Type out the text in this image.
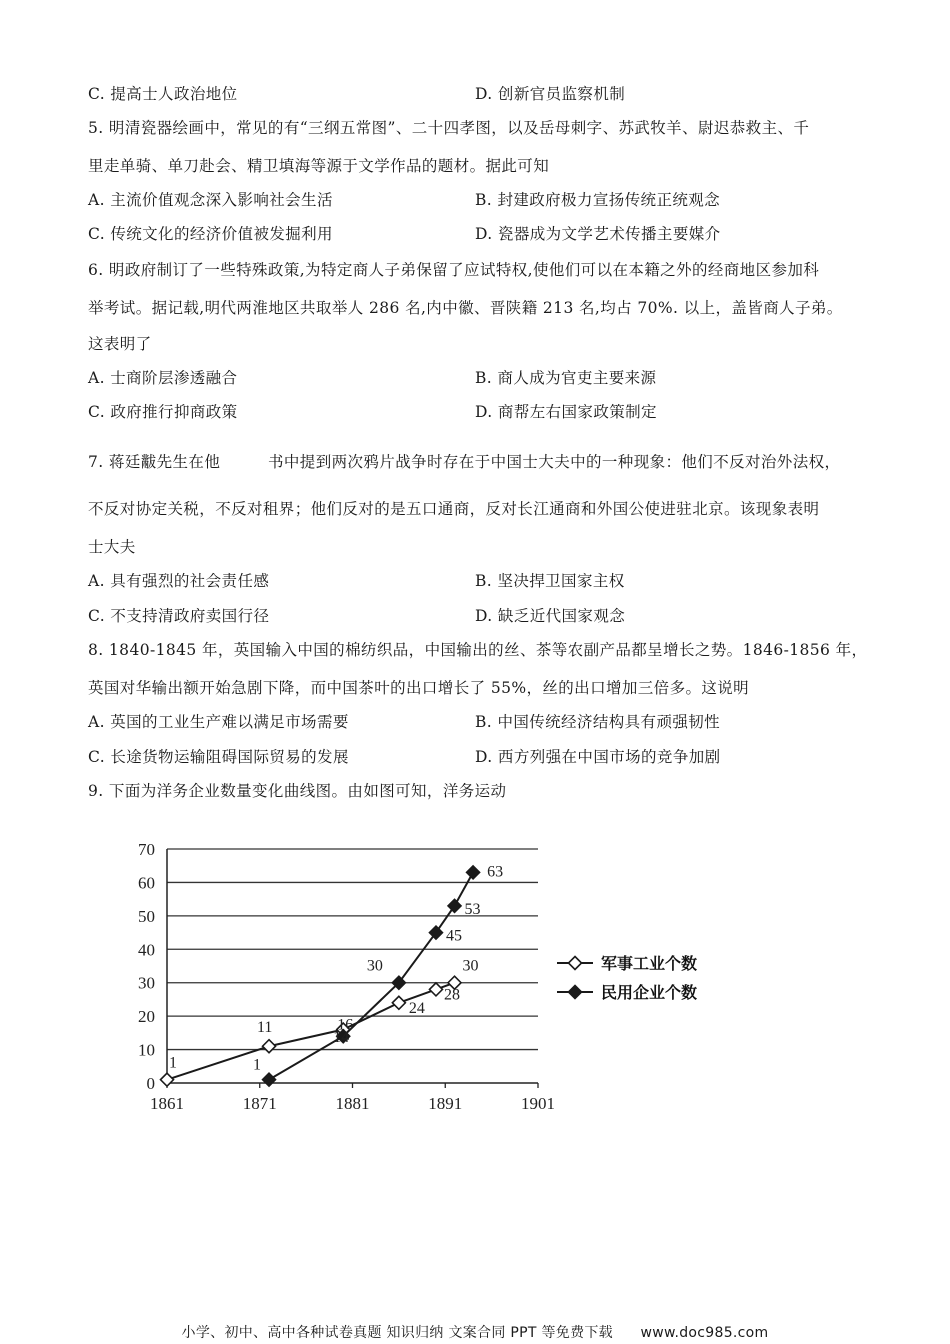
C. 提高士人政治地位	D. 创新官员监察机制
5. 明清瓷器绘画中，常见的有“三纲五常图”、二十四孝图，以及岳母刺字、苏武牧羊、尉迟恭救主、千
里走单骑、单刀赴会、精卫填海等源于文学作品的题材。据此可知
A. 主流价值观念深入影响社会生活	B. 封建政府极力宣扬传统正统观念
C. 传统文化的经济价值被发掘利用	D. 瓷器成为文学艺术传播主要媒介
6. 明政府制订了一些特殊政策,为特定商人子弟保留了应试特权,使他们可以在本籍之外的经商地区参加科
举考试。据记载,明代两淮地区共取举人 286 名,内中徽、晋陕籍 213 名,均占 70%. 以上，盖皆商人子弟。
这表明了
A. 士商阶层渗透融合	B. 商人成为官吏主要来源
C. 政府推行抑商政策	D. 商帮左右国家政策制定
7. 蒋廷黻先生在他	书中提到两次鸦片战争时存在于中国士大夫中的一种现象：他们不反对治外法权，
不反对协定关税，不反对租界；他们反对的是五口通商，反对长江通商和外国公使进驻北京。该现象表明
士大夫
A. 具有强烈的社会责任感	B. 坚决捍卫国家主权
C. 不支持清政府卖国行径	D. 缺乏近代国家观念
8. 1840-1845 年，英国输入中国的棉纺织品，中国输出的丝、茶等农副产品都呈增长之势。1846-1856 年，
英国对华输出额开始急剧下降，而中国茶叶的出口增长了 55%，丝的出口增加三倍多。这说明
A. 英国的工业生产难以满足市场需要	B. 中国传统经济结构具有顽强韧性
C. 长途货物运输阻碍国际贸易的发展	D. 西方列强在中国市场的竞争加剧
9. 下面为洋务企业数量变化曲线图。由如图可知，洋务运动
0
10
20
30
40
50
60
70
1861	1871	1881	1891	1901
1
11	16
24
28
30
1
14
30
45
53
63
军事工业个数
民用企业个数
小学、初中、高中各种试卷真题 知识归纳 文案合同 PPT 等免费下载 www.doc985.com
